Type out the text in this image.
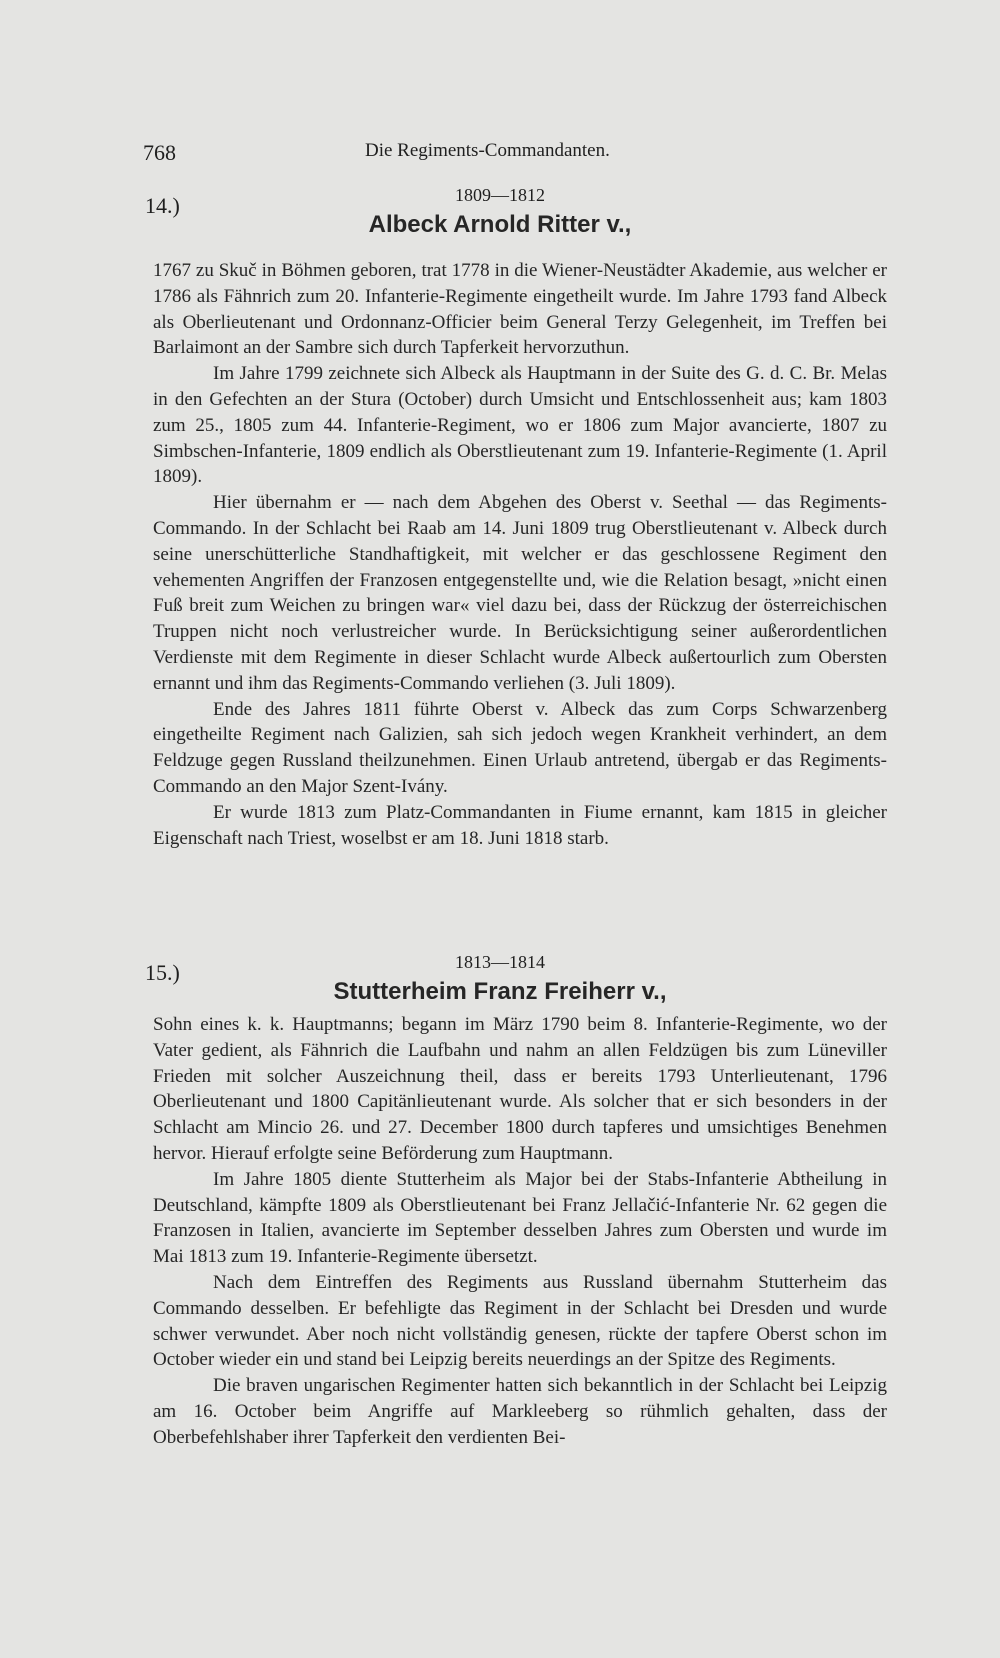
768	Die Regiments-Commandanten.
14.)	1809—1812
Albeck Arnold Ritter v.,

1767 zu Skuč in Böhmen geboren, trat 1778 in die Wiener-Neustädter Akademie, aus welcher er 1786 als Fähnrich zum 20. Infanterie-Regimente eingetheilt wurde. Im Jahre 1793 fand Albeck als Oberlieutenant und Ordonnanz-Officier beim General Terzy Gelegenheit, im Treffen bei Barlaimont an der Sambre sich durch Tapferkeit hervorzuthun.

Im Jahre 1799 zeichnete sich Albeck als Hauptmann in der Suite des G. d. C. Br. Melas in den Gefechten an der Stura (October) durch Umsicht und Entschlossenheit aus; kam 1803 zum 25., 1805 zum 44. Infanterie-Regiment, wo er 1806 zum Major avancierte, 1807 zu Simbschen-Infanterie, 1809 endlich als Oberstlieutenant zum 19. Infanterie-Regimente (1. April 1809).

Hier übernahm er — nach dem Abgehen des Oberst v. Seethal — das Regiments-Commando. In der Schlacht bei Raab am 14. Juni 1809 trug Oberstlieutenant v. Albeck durch seine unerschütterliche Standhaftigkeit, mit welcher er das geschlossene Regiment den vehementen Angriffen der Franzosen entgegenstellte und, wie die Relation besagt, »nicht einen Fuß breit zum Weichen zu bringen war« viel dazu bei, dass der Rückzug der österreichischen Truppen nicht noch verlustreicher wurde. In Berücksichtigung seiner außerordentlichen Verdienste mit dem Regimente in dieser Schlacht wurde Albeck außertourlich zum Obersten ernannt und ihm das Regiments-Commando verliehen (3. Juli 1809).

Ende des Jahres 1811 führte Oberst v. Albeck das zum Corps Schwarzenberg eingetheilte Regiment nach Galizien, sah sich jedoch wegen Krankheit verhindert, an dem Feldzuge gegen Russland theilzunehmen. Einen Urlaub antretend, übergab er das Regiments-Commando an den Major Szent-Ivány.

Er wurde 1813 zum Platz-Commandanten in Fiume ernannt, kam 1815 in gleicher Eigenschaft nach Triest, woselbst er am 18. Juni 1818 starb.

15.)	1813—1814
Stutterheim Franz Freiherr v.,

Sohn eines k. k. Hauptmanns; begann im März 1790 beim 8. Infanterie-Regimente, wo der Vater gedient, als Fähnrich die Laufbahn und nahm an allen Feldzügen bis zum Lüneviller Frieden mit solcher Auszeichnung theil, dass er bereits 1793 Unterlieutenant, 1796 Oberlieutenant und 1800 Capitänlieutenant wurde. Als solcher that er sich besonders in der Schlacht am Mincio 26. und 27. December 1800 durch tapferes und umsichtiges Benehmen hervor. Hierauf erfolgte seine Beförderung zum Hauptmann.

Im Jahre 1805 diente Stutterheim als Major bei der Stabs-Infanterie Abtheilung in Deutschland, kämpfte 1809 als Oberstlieutenant bei Franz Jellačić-Infanterie Nr. 62 gegen die Franzosen in Italien, avancierte im September desselben Jahres zum Obersten und wurde im Mai 1813 zum 19. Infanterie-Regimente übersetzt.

Nach dem Eintreffen des Regiments aus Russland übernahm Stutterheim das Commando desselben. Er befehligte das Regiment in der Schlacht bei Dresden und wurde schwer verwundet. Aber noch nicht vollständig genesen, rückte der tapfere Oberst schon im October wieder ein und stand bei Leipzig bereits neuerdings an der Spitze des Regiments.

Die braven ungarischen Regimenter hatten sich bekanntlich in der Schlacht bei Leipzig am 16. October beim Angriffe auf Markleeberg so rühmlich gehalten, dass der Oberbefehlshaber ihrer Tapferkeit den verdienten Bei-
